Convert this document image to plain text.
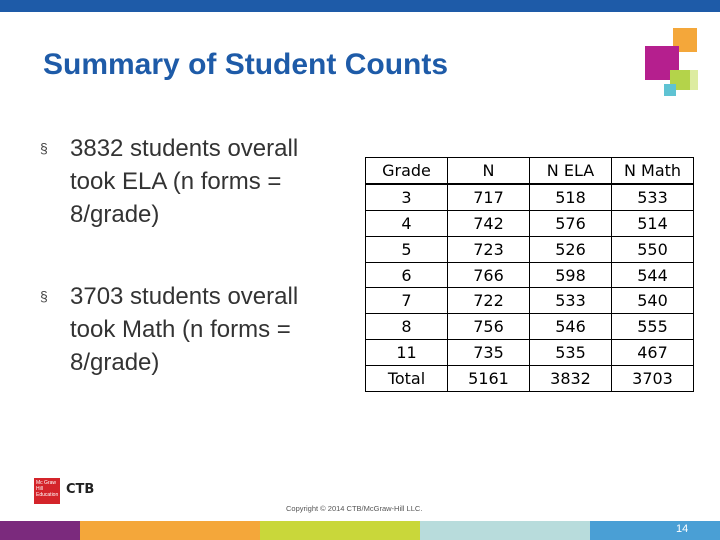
Summary of Student Counts
§ 3832 students overall took ELA (n forms = 8/grade)
§ 3703 students overall took Math (n forms = 8/grade)
Grade	N	N ELA	N Math
3	717	518	533
4	742	576	514
5	723	526	550
6	766	598	544
7	722	533	540
8	756	546	555
11	735	535	467
Total	5161	3832	3703
Mc Graw Hill Education CTB
Copyright © 2014 CTB/McGraw-Hill LLC.
14
